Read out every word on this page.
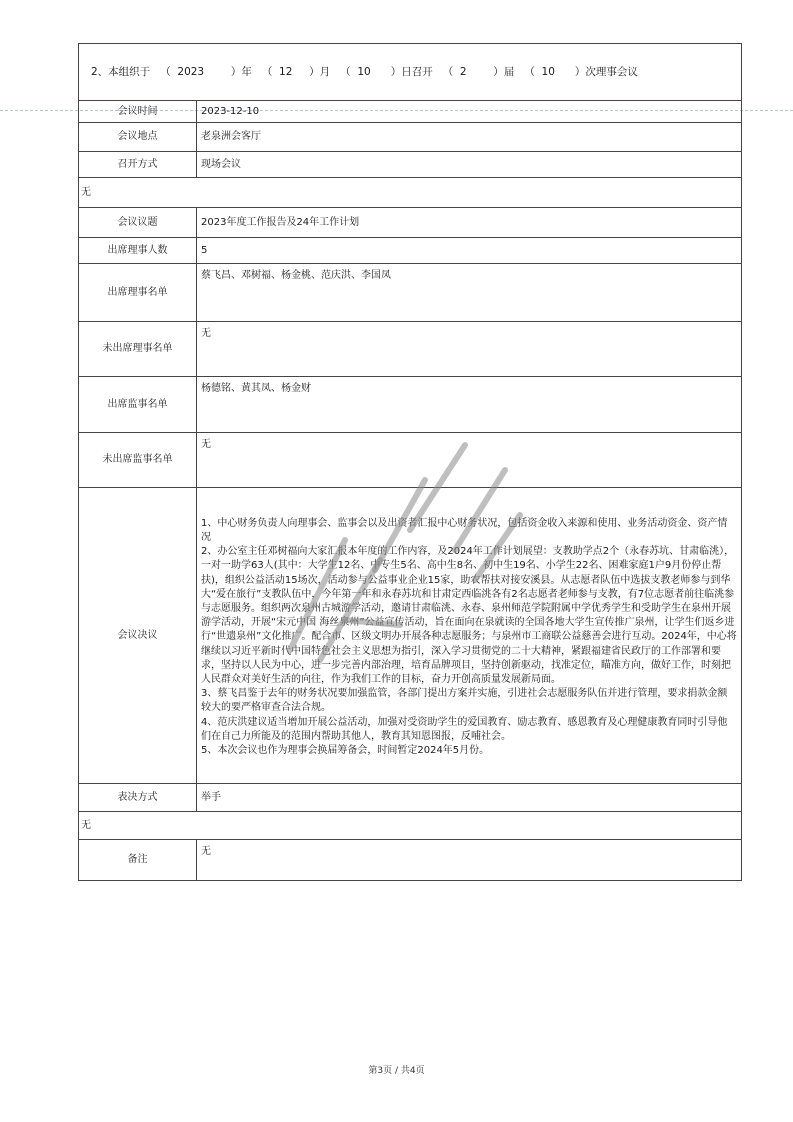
2、本组织于   （  2023        ）年   （  12     ）月   （  10      ）日召开   （  2        ）届   （  10      ）次理事会议	
会议时间	2023-12-10
会议地点	老泉洲会客厅
召开方式	现场会议
无	
会议议题	2023年度工作报告及24年工作计划
出席理事人数	5
出席理事名单	蔡飞昌、邓树福、杨金桃、范庆洪、李国凤
未出席理事名单	无
出席监事名单	杨德铭、黄其凤、杨金财
未出席监事名单	无
会议决议	1、中心财务负责人向理事会、监事会以及出资者汇报中心财务状况，包括资金收入来源和使用、业务活动资金、资产情况

2、办公室主任邓树福向大家汇报本年度的工作内容，及2024年工作计划展望：支教助学点2个（永春苏坑、甘肃临洮），一对一助学63人(其中：大学生12名、中专生5名、高中生8名、初中生19名、小学生22名、困难家庭1户9月份停止帮扶)，组织公益活动15场次，活动参与公益事业企业15家，助农帮扶对接安溪县。从志愿者队伍中选拔支教老师参与到华大“爱在旅行”支教队伍中，今年第一年和永春苏坑和甘肃定西临洮各有2名志愿者老师参与支教，有7位志愿者前往临洮参与志愿服务。组织两次泉州古城游学活动，邀请甘肃临洮、永春、泉州师范学院附属中学优秀学生和受助学生在泉州开展游学活动，开展“宋元中国 海丝泉州”公益宣传活动，旨在面向在泉就读的全国各地大学生宣传推广泉州，让学生们返乡进行“世遗泉州”文化推广。配合市、区级文明办开展各种志愿服务；与泉州市工商联公益慈善会进行互动。2024年，中心将继续以习近平新时代中国特色社会主义思想为指引，深入学习贯彻党的二十大精神，紧跟福建省民政厅的工作部署和要求，坚持以人民为中心，进一步完善内部治理，培育品牌项目，坚持创新驱动，找准定位，瞄准方向，做好工作，时刻把人民群众对美好生活的向往，作为我们工作的目标，奋力开创高质量发展新局面。

3、蔡飞昌鉴于去年的财务状况要加强监管，各部门提出方案并实施，引进社会志愿服务队伍并进行管理，要求捐款金额较大的要严格审查合法合规。

4、范庆洪建议适当增加开展公益活动，加强对受资助学生的爱国教育、励志教育、感恩教育及心理健康教育同时引导他们在自己力所能及的范围内帮助其他人，教育其知恩图报，反哺社会。

5、本次会议也作为理事会换届筹备会，时间暂定2024年5月份。

表决方式	举手
无	
备注	无
第3页 / 共4页
